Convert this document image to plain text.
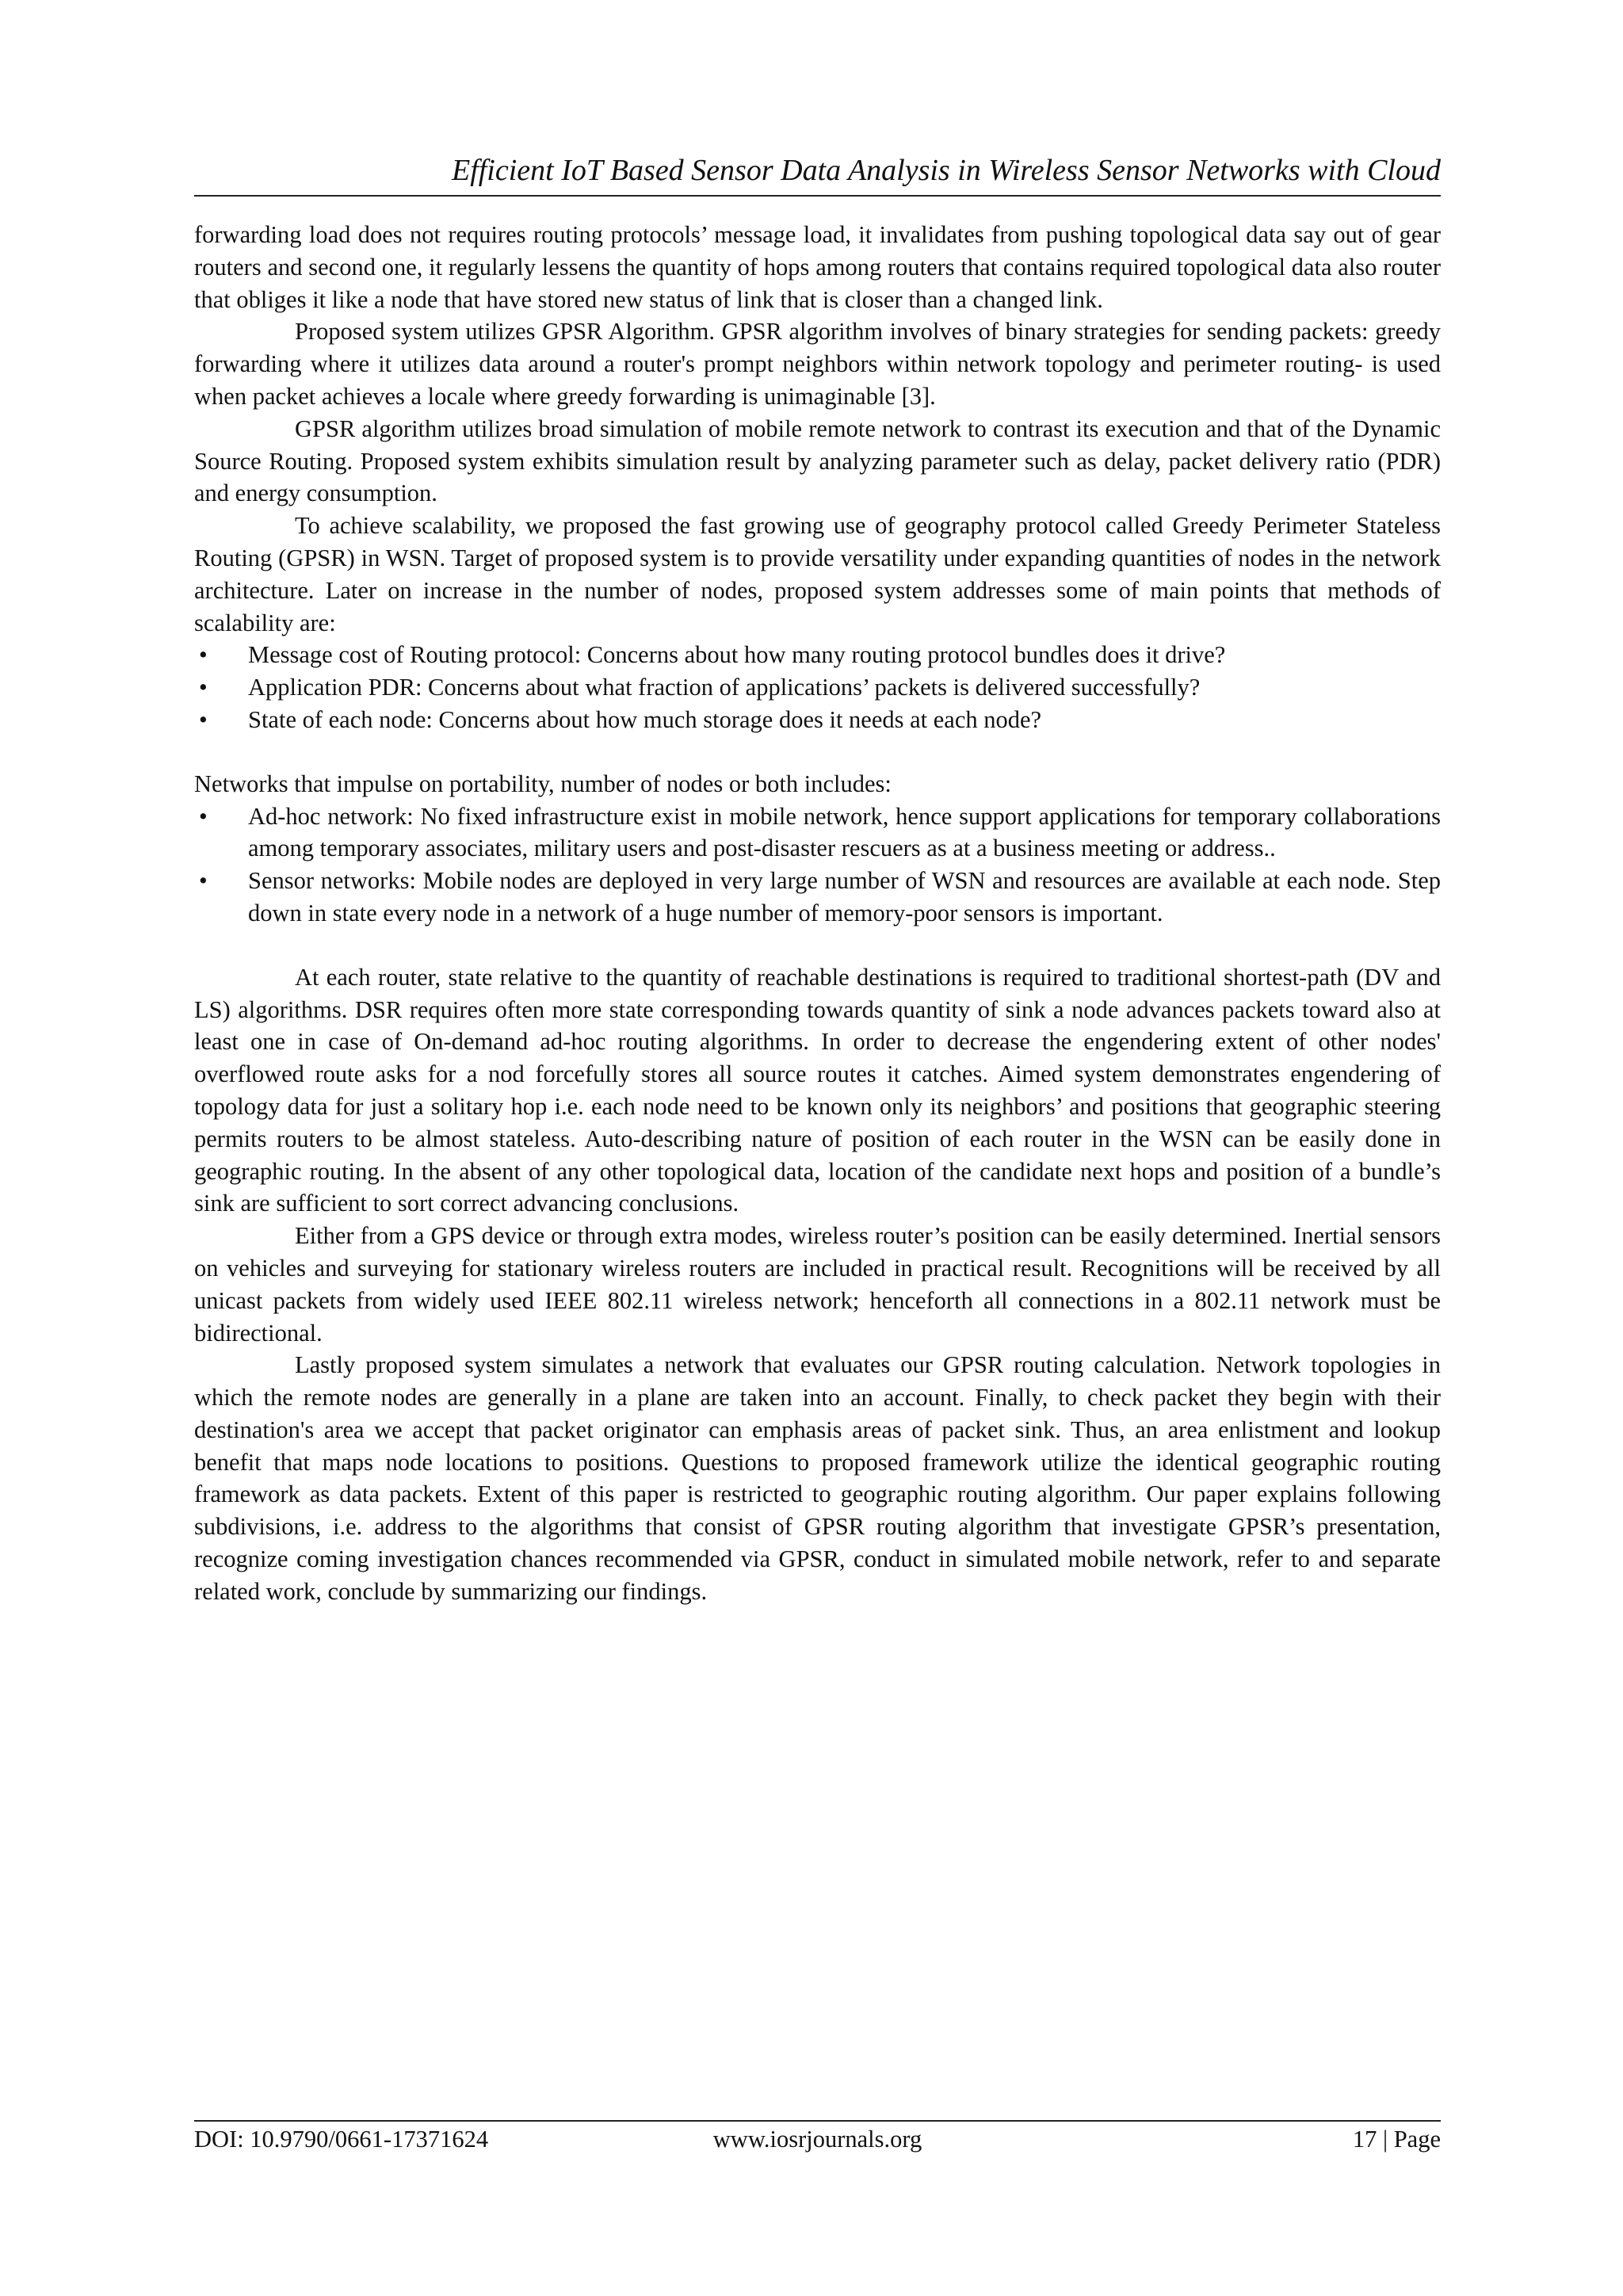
Efficient IoT Based Sensor Data Analysis in Wireless Sensor Networks with Cloud

forwarding load does not requires routing protocols’ message load, it invalidates from pushing topological data say out of gear routers and second one, it regularly lessens the quantity of hops among routers that contains required topological data also router that obliges it like a node that have stored new status of link that is closer than a changed link.

Proposed system utilizes GPSR Algorithm. GPSR algorithm involves of binary strategies for sending packets: greedy forwarding where it utilizes data around a router's prompt neighbors within network topology and perimeter routing- is used when packet achieves a locale where greedy forwarding is unimaginable [3].

GPSR algorithm utilizes broad simulation of mobile remote network to contrast its execution and that of the Dynamic Source Routing. Proposed system exhibits simulation result by analyzing parameter such as delay, packet delivery ratio (PDR) and energy consumption.

To achieve scalability, we proposed the fast growing use of geography protocol called Greedy Perimeter Stateless Routing (GPSR) in WSN. Target of proposed system is to provide versatility under expanding quantities of nodes in the network architecture. Later on increase in the number of nodes, proposed system addresses some of main points that methods of scalability are:

• Message cost of Routing protocol: Concerns about how many routing protocol bundles does it drive?
• Application PDR: Concerns about what fraction of applications’ packets is delivered successfully?
• State of each node: Concerns about how much storage does it needs at each node?

Networks that impulse on portability, number of nodes or both includes:

• Ad-hoc network: No fixed infrastructure exist in mobile network, hence support applications for temporary collaborations among temporary associates, military users and post-disaster rescuers as at a business meeting or address..
• Sensor networks: Mobile nodes are deployed in very large number of WSN and resources are available at each node. Step down in state every node in a network of a huge number of memory-poor sensors is important.

At each router, state relative to the quantity of reachable destinations is required to traditional shortest-path (DV and LS) algorithms. DSR requires often more state corresponding towards quantity of sink a node advances packets toward also at least one in case of On-demand ad-hoc routing algorithms. In order to decrease the engendering extent of other nodes' overflowed route asks for a nod forcefully stores all source routes it catches. Aimed system demonstrates engendering of topology data for just a solitary hop i.e. each node need to be known only its neighbors’ and positions that geographic steering permits routers to be almost stateless. Auto-describing nature of position of each router in the WSN can be easily done in geographic routing. In the absent of any other topological data, location of the candidate next hops and position of a bundle’s sink are sufficient to sort correct advancing conclusions.

Either from a GPS device or through extra modes, wireless router’s position can be easily determined. Inertial sensors on vehicles and surveying for stationary wireless routers are included in practical result. Recognitions will be received by all unicast packets from widely used IEEE 802.11 wireless network; henceforth all connections in a 802.11 network must be bidirectional.

Lastly proposed system simulates a network that evaluates our GPSR routing calculation. Network topologies in which the remote nodes are generally in a plane are taken into an account. Finally, to check packet they begin with their destination's area we accept that packet originator can emphasis areas of packet sink. Thus, an area enlistment and lookup benefit that maps node locations to positions. Questions to proposed framework utilize the identical geographic routing framework as data packets. Extent of this paper is restricted to geographic routing algorithm. Our paper explains following subdivisions, i.e. address to the algorithms that consist of GPSR routing algorithm that investigate GPSR’s presentation, recognize coming investigation chances recommended via GPSR, conduct in simulated mobile network, refer to and separate related work, conclude by summarizing our findings.

DOI: 10.9790/0661-17371624	www.iosrjournals.org	17 | Page
